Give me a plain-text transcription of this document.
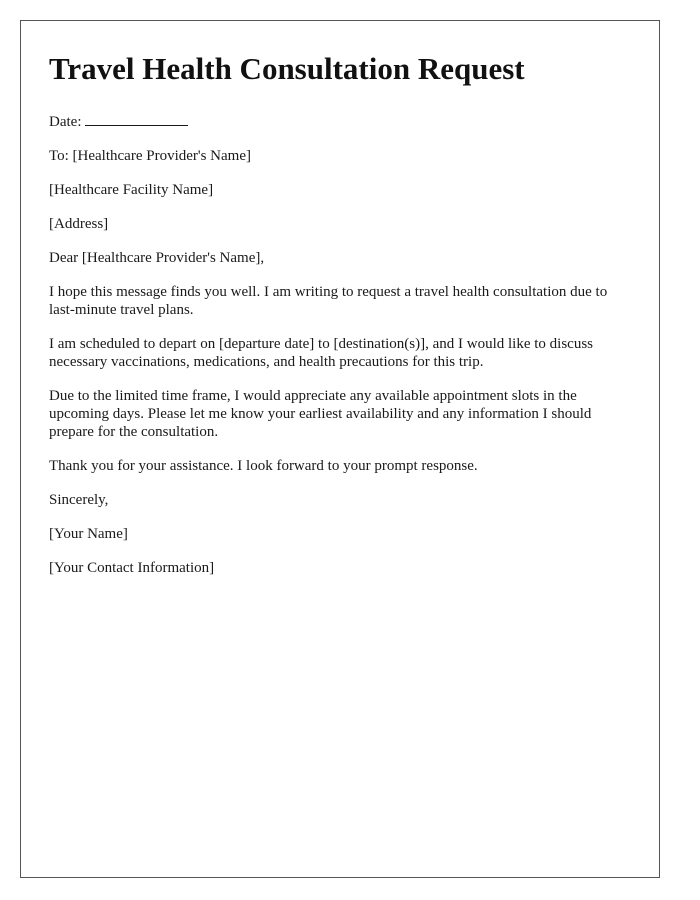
Travel Health Consultation Request

Date:

To: [Healthcare Provider's Name]

[Healthcare Facility Name]

[Address]

Dear [Healthcare Provider's Name],

I hope this message finds you well. I am writing to request a travel health consultation due to last-minute travel plans.

I am scheduled to depart on [departure date] to [destination(s)], and I would like to discuss necessary vaccinations, medications, and health precautions for this trip.

Due to the limited time frame, I would appreciate any available appointment slots in the upcoming days. Please let me know your earliest availability and any information I should prepare for the consultation.

Thank you for your assistance. I look forward to your prompt response.

Sincerely,

[Your Name]

[Your Contact Information]
